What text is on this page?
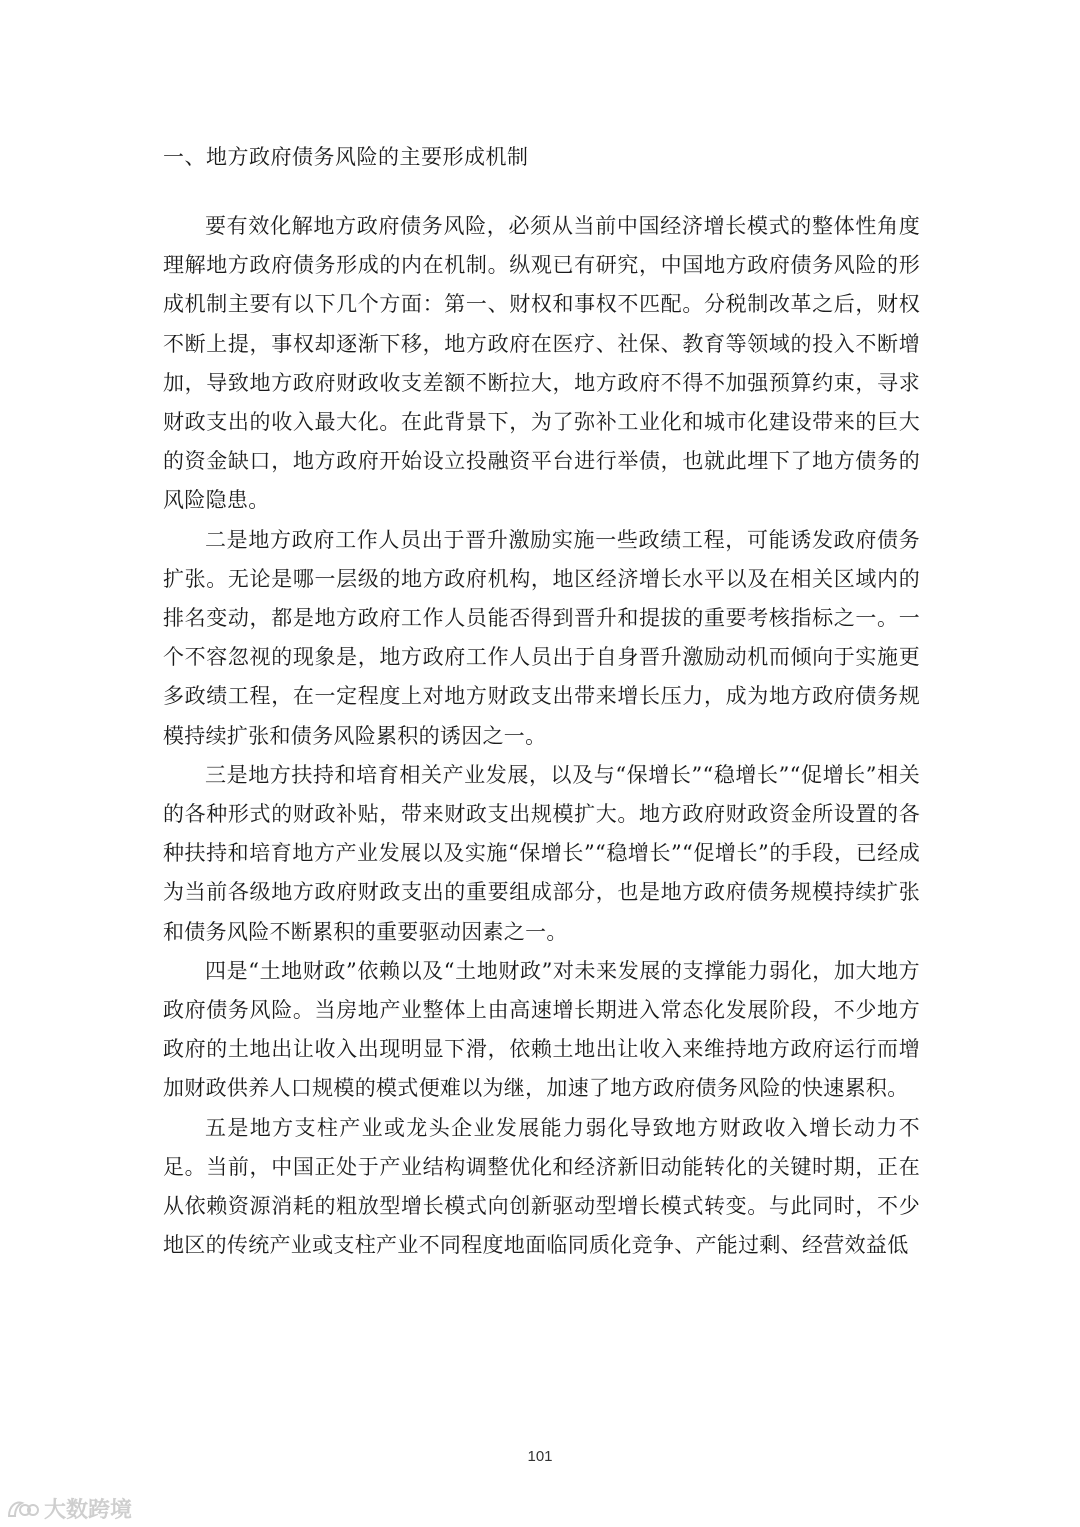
一、地方政府债务风险的主要形成机制

要有效化解地方政府债务风险，必须从当前中国经济增长模式的整体性角度理解地方政府债务形成的内在机制。纵观已有研究，中国地方政府债务风险的形成机制主要有以下几个方面：第一、财权和事权不匹配。分税制改革之后，财权不断上提，事权却逐渐下移，地方政府在医疗、社保、教育等领域的投入不断增加，导致地方政府财政收支差额不断拉大，地方政府不得不加强预算约束，寻求财政支出的收入最大化。在此背景下，为了弥补工业化和城市化建设带来的巨大的资金缺口，地方政府开始设立投融资平台进行举债，也就此埋下了地方债务的风险隐患。

二是地方政府工作人员出于晋升激励实施一些政绩工程，可能诱发政府债务扩张。无论是哪一层级的地方政府机构，地区经济增长水平以及在相关区域内的排名变动，都是地方政府工作人员能否得到晋升和提拔的重要考核指标之一。一个不容忽视的现象是，地方政府工作人员出于自身晋升激励动机而倾向于实施更多政绩工程，在一定程度上对地方财政支出带来增长压力，成为地方政府债务规模持续扩张和债务风险累积的诱因之一。

三是地方扶持和培育相关产业发展，以及与“保增长”“稳增长”“促增长”相关的各种形式的财政补贴，带来财政支出规模扩大。地方政府财政资金所设置的各种扶持和培育地方产业发展以及实施“保增长”“稳增长”“促增长”的手段，已经成为当前各级地方政府财政支出的重要组成部分，也是地方政府债务规模持续扩张和债务风险不断累积的重要驱动因素之一。

四是“土地财政”依赖以及“土地财政”对未来发展的支撑能力弱化，加大地方政府债务风险。当房地产业整体上由高速增长期进入常态化发展阶段，不少地方政府的土地出让收入出现明显下滑，依赖土地出让收入来维持地方政府运行而增加财政供养人口规模的模式便难以为继，加速了地方政府债务风险的快速累积。

五是地方支柱产业或龙头企业发展能力弱化导致地方财政收入增长动力不足。当前，中国正处于产业结构调整优化和经济新旧动能转化的关键时期，正在从依赖资源消耗的粗放型增长模式向创新驱动型增长模式转变。与此同时，不少地区的传统产业或支柱产业不同程度地面临同质化竞争、产能过剩、经营效益低

101
大数跨境
